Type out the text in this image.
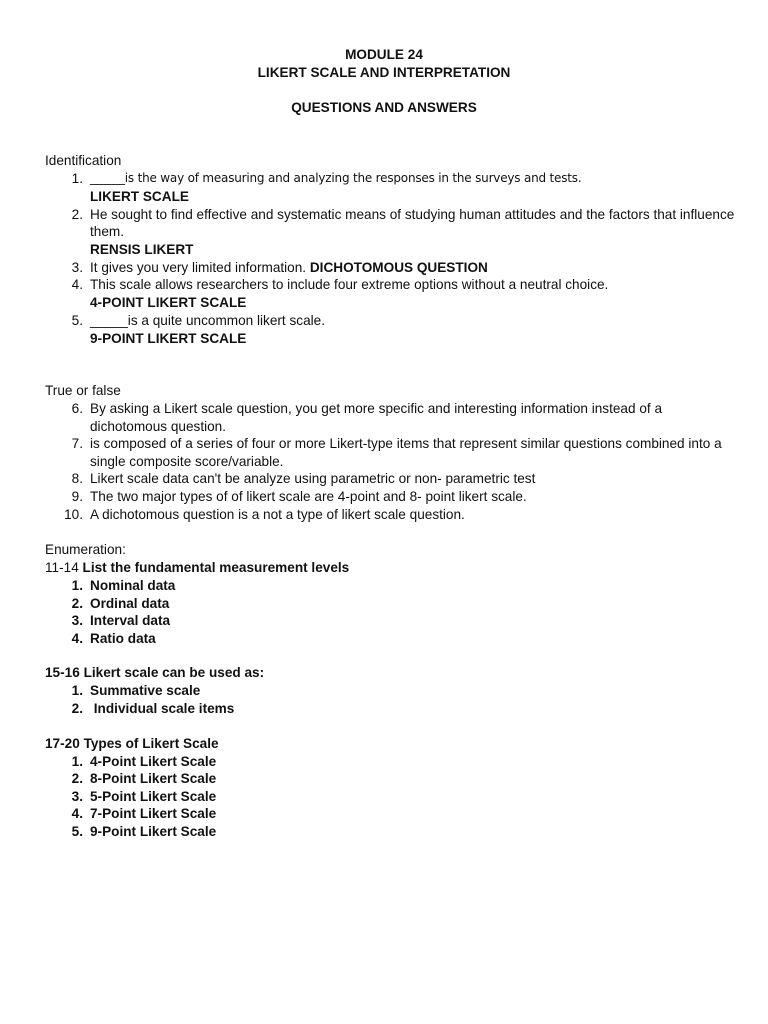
MODULE 24
LIKERT SCALE AND INTERPRETATION
QUESTIONS AND ANSWERS
Identification
1. ______is the way of measuring and analyzing the responses in the surveys and tests.
LIKERT SCALE
2. He sought to find effective and systematic means of studying human attitudes and the factors that influence them.
RENSIS LIKERT
3. It gives you very limited information. DICHOTOMOUS QUESTION
4. This scale allows researchers to include four extreme options without a neutral choice.
4-POINT LIKERT SCALE
5. _____is a quite uncommon likert scale.
9-POINT LIKERT SCALE
True or false
6. By asking a Likert scale question, you get more specific and interesting information instead of a dichotomous question.
7. is composed of a series of four or more Likert-type items that represent similar questions combined into a single composite score/variable.
8. Likert scale data can't be analyze using parametric or non- parametric test
9. The two major types of of likert scale are 4-point and 8- point likert scale.
10. A dichotomous question is a not a type of likert scale question.
Enumeration:
11-14 List the fundamental measurement levels
1. Nominal data
2. Ordinal data
3. Interval data
4. Ratio data
15-16 Likert scale can be used as:
1. Summative scale
2. Individual scale items
17-20 Types of Likert Scale
1. 4-Point Likert Scale
2. 8-Point Likert Scale
3. 5-Point Likert Scale
4. 7-Point Likert Scale
5. 9-Point Likert Scale
